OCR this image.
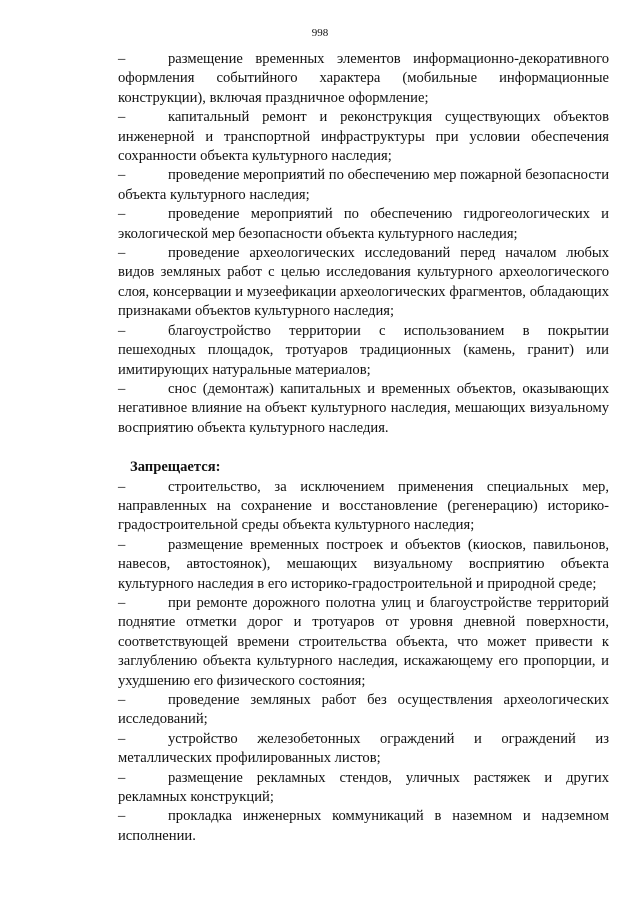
998

–	размещение временных элементов информационно-декоративного оформления событийного характера (мобильные информационные конструкции), включая праздничное оформление;

–	капитальный ремонт и реконструкция существующих объектов инженерной и транспортной инфраструктуры при условии обеспечения сохранности объекта культурного наследия;

–	проведение мероприятий по обеспечению мер пожарной безопасности объекта культурного наследия;

–	проведение мероприятий по обеспечению гидрогеологических и экологической мер безопасности объекта культурного наследия;

–	проведение археологических исследований перед началом любых видов земляных работ с целью исследования культурного археологического слоя, консервации и музеефикации археологических фрагментов, обладающих признаками объектов культурного наследия;

–	благоустройство территории с использованием в покрытии пешеходных площадок, тротуаров традиционных (камень, гранит) или имитирующих натуральные материалов;

–	снос (демонтаж) капитальных и временных объектов, оказывающих негативное влияние на объект культурного наследия, мешающих визуальному восприятию объекта культурного наследия.

Запрещается:

–	строительство, за исключением применения специальных мер, направленных на сохранение и восстановление (регенерацию) историко-градостроительной среды объекта культурного наследия;

–	размещение временных построек и объектов (киосков, павильонов, навесов, автостоянок), мешающих визуальному восприятию объекта культурного наследия в его историко-градостроительной и природной среде;

–	при ремонте дорожного полотна улиц и благоустройстве территорий поднятие отметки дорог и тротуаров от уровня дневной поверхности, соответствующей времени строительства объекта, что может привести к заглублению объекта культурного наследия, искажающему его пропорции, и ухудшению его физического состояния;

–	проведение земляных работ без осуществления археологических исследований;

–	устройство железобетонных ограждений и ограждений из металлических профилированных листов;

–	размещение рекламных стендов, уличных растяжек и других рекламных конструкций;

–	прокладка инженерных коммуникаций в наземном и надземном исполнении.
